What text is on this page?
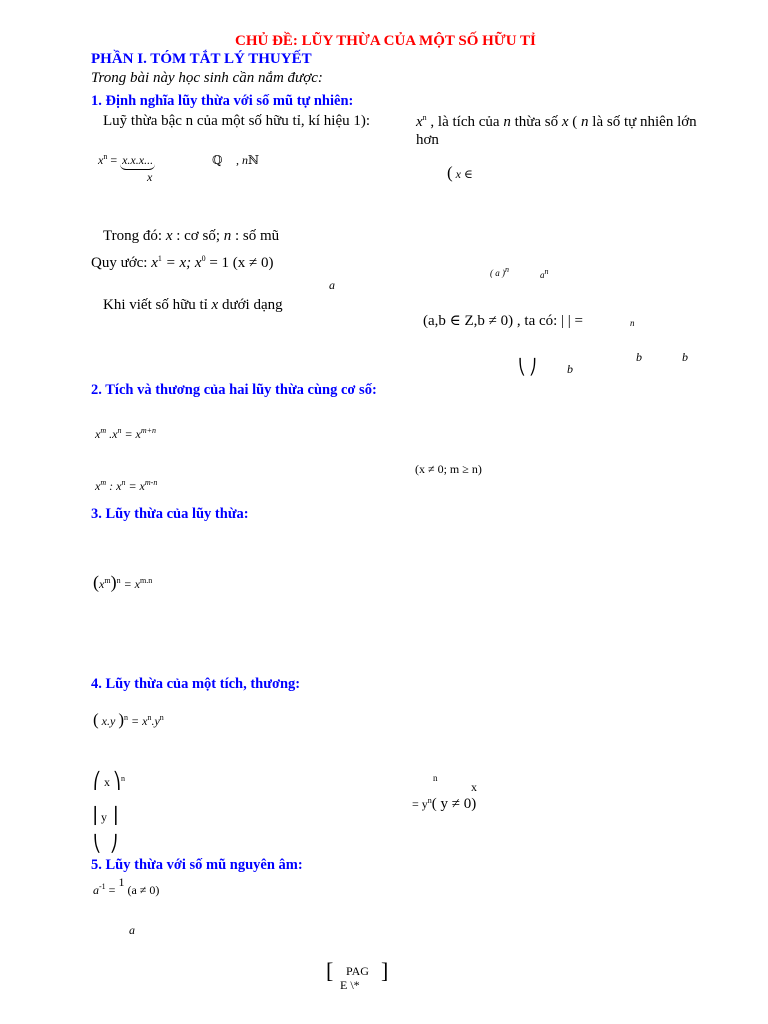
CHỦ ĐỀ: LŨY THỪA CỦA MỘT SỐ HỮU TỈ
PHẦN I. TÓM TẮT LÝ THUYẾT
Trong bài này học sinh cần nắm được:
1. Định nghĩa lũy thừa với số mũ tự nhiên:
Luỹ thừa bậc n của một số hữu tỉ, kí hiệu 1):	$x^n$ , là tích của n thừa số x ( n là số tự nhiên lớn
hơn
$x^n = x.x.x$...
x
ℚ , nℕ
( x ∈
Trong đó: x : cơ số; n : số mũ
Quy ước: $x^1 = x$; $x^0 = 1$ (x ≠ 0)
( a )$^n$
$a^n$
a
Khi viết số hữu tỉ x dưới dạng
(a,b ∈ Z,b ≠ 0) , ta có: | | =	n
b	b
⎝ ⎠	b
2. Tích và thương của hai lũy thừa cùng cơ số:
$x^m$ $.x^n = x^{m+n}$
(x ≠ 0; m ≥ n)
$x^m$ : $x^n = x^{m-n}$
3. Lũy thừa của lũy thừa:
$(x^m)^n = x^{m.n}$
4. Lũy thừa của một tích, thương:
( x.y )$^n = x^n.y^n$
⎛ x ⎞$^n$
⎜y ⎟
⎝ ⎠
n
x
= $y^n$( y ≠ 0)
5. Lũy thừa với số mũ nguyên âm:
$a^{-1} = 1$ (a ≠ 0)
a
[ PAG
E \*
]
